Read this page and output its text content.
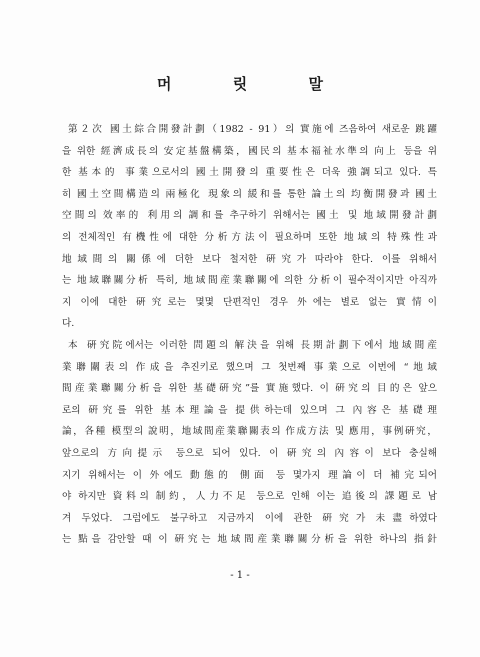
머 릿 말
第２次 國土綜合開發計劃（1982 - 91）의 實施에 즈음하여 새로운 跳躍
을 위한 經濟成長의 安定基盤構築，國民의 基本福祉水準의 向上 등을 위
한 基本的 事業으로서의 國土開發의 重要性은 더욱 強調되고 있다. 특
히 國土空間構造의 兩極化 現象의 緩和를 통한 論土의 均衡開發과 國土
空間의 效率的 利用의 調和를 추구하기 위해서는 國土 및 地域開發計劃
의 전체적인 有機性에 대한 分析方法이 필요하며 또한 地域의 特殊性과
地域間의 關係에 더한 보다 철저한 硏究가 따라야 한다. 이를 위해서
는 地域聯關分析 특히, 地域間産業聯關에 의한 分析이 필수적이지만 아직까
지 이에 대한 硏究로는 몇몇 단편적인 경우 外에는 별로 없는 實情이
다.
本 硏究院에서는 이러한 問題의 解決을 위해 長期計劃下에서 地域間産
業聯關表의 作成을 추진키로 했으며 그 첫번째 事業으로 이번에 “地域
間産業聯關分析을 위한 基礎硏究”를 實施했다. 이 硏究의 目的은 앞으
로의 硏究를 위한 基本理論을 提供하는데 있으며 그 內容은 基礎理
論，各種 模型의 說明，地域間産業聯關表의 作成方法 및 應用，事例硏究，
앞으로의 方向提示 등으로 되어 있다. 이 硏究의 內容이 보다 충실해
지기 위해서는 이 外에도 動態的 側面 등 몇가지 理論이 더 補完되어
야 하지만 資料의 制約，人力不足 등으로 인해 이는 追後의 課題로 남
겨 두었다. 그럼에도 불구하고 지금까지 이에 관한 硏究가 未盡하였다
는 點을 감안할 때 이 硏究는 地域間産業聯關分析을 위한 하나의 指針
- 1 -
